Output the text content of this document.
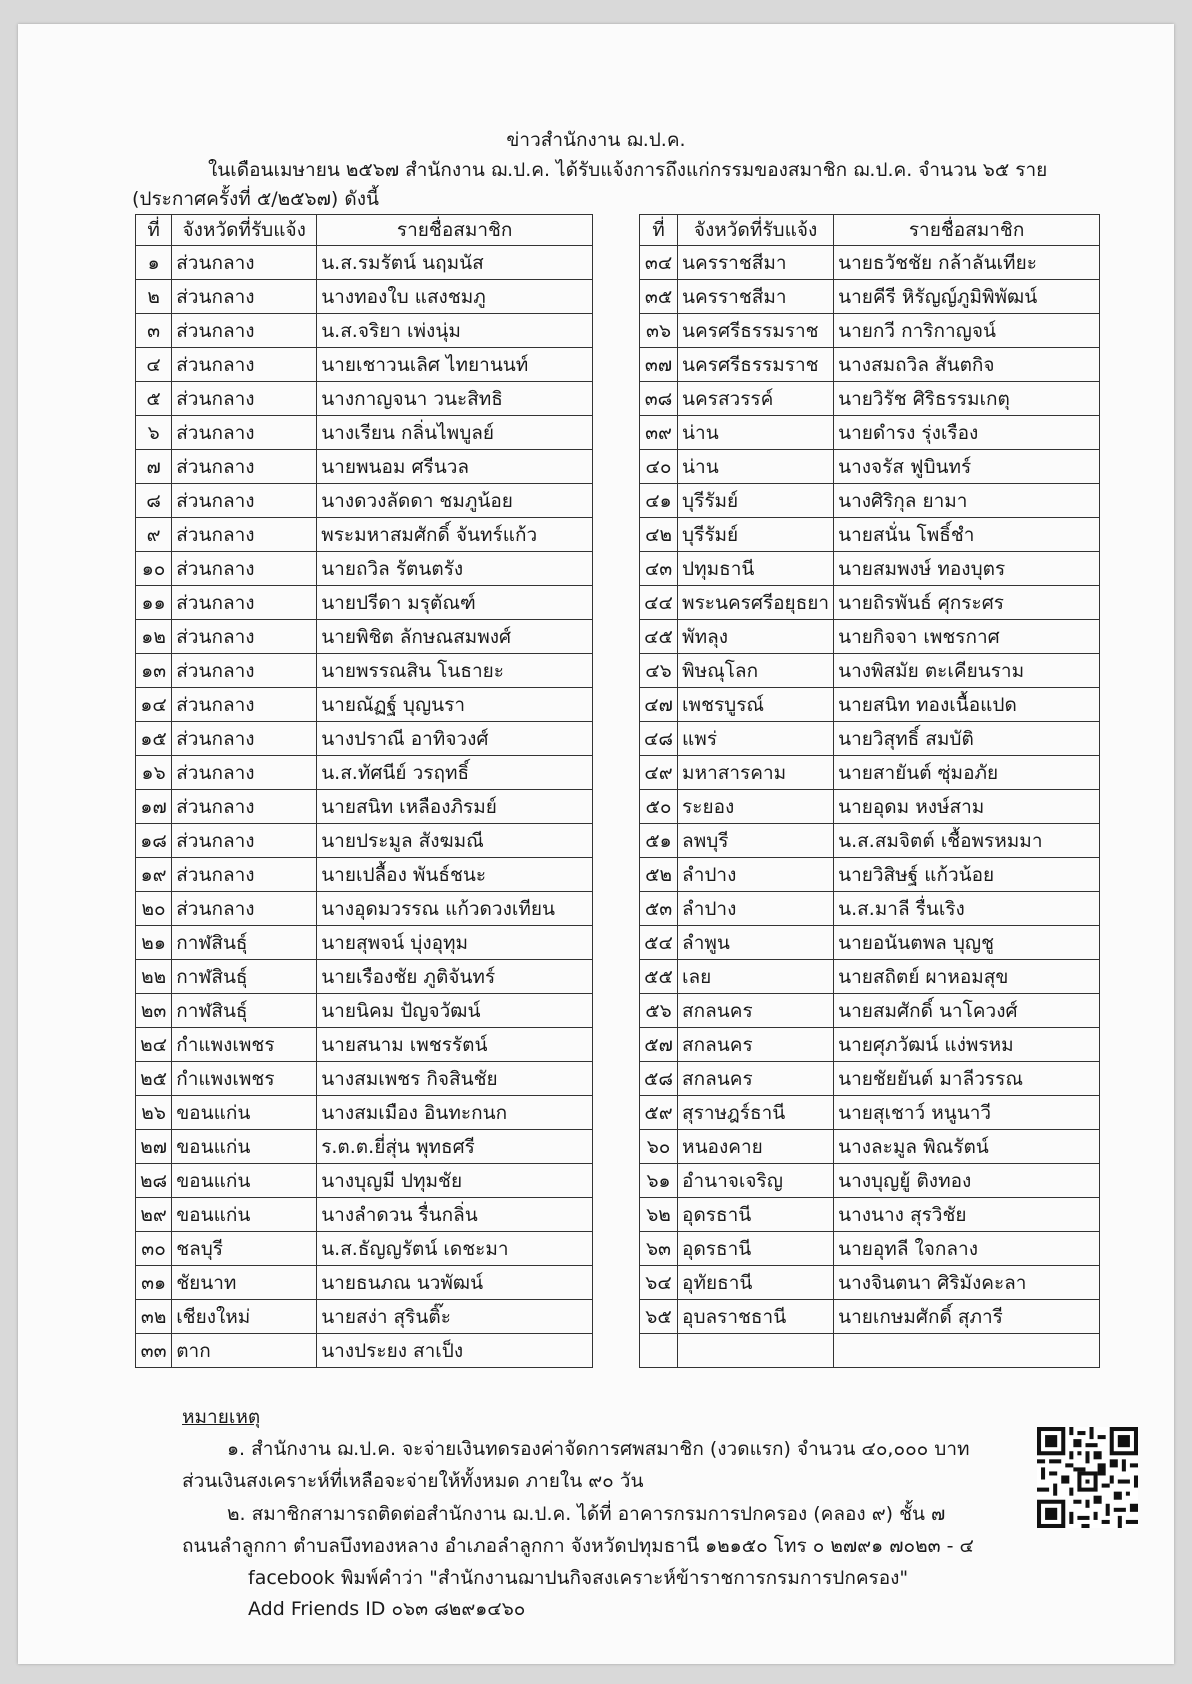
ข่าวสำนักงาน ฌ.ป.ค.
ในเดือนเมษายน ๒๕๖๗ สำนักงาน ฌ.ป.ค. ได้รับแจ้งการถึงแก่กรรมของสมาชิก ฌ.ป.ค. จำนวน ๖๕ ราย
(ประกาศครั้งที่ ๕/๒๕๖๗) ดังนี้
ที่	จังหวัดที่รับแจ้ง	รายชื่อสมาชิก
๑	ส่วนกลาง	น.ส.รมรัตน์ นฤมนัส
๒	ส่วนกลาง	นางทองใบ แสงชมภู
๓	ส่วนกลาง	น.ส.จริยา เพ่งนุ่ม
๔	ส่วนกลาง	นายเชาวนเลิศ ไทยานนท์
๕	ส่วนกลาง	นางกาญจนา วนะสิทธิ
๖	ส่วนกลาง	นางเรียน กลิ่นไพบูลย์
๗	ส่วนกลาง	นายพนอม ศรีนวล
๘	ส่วนกลาง	นางดวงลัดดา ชมภูน้อย
๙	ส่วนกลาง	พระมหาสมศักดิ์ จันทร์แก้ว
๑๐	ส่วนกลาง	นายถวิล รัตนตรัง
๑๑	ส่วนกลาง	นายปรีดา มรุตัณฑ์
๑๒	ส่วนกลาง	นายพิชิต ลักษณสมพงศ์
๑๓	ส่วนกลาง	นายพรรณสิน โนธายะ
๑๔	ส่วนกลาง	นายณัฏฐ์ บุญนรา
๑๕	ส่วนกลาง	นางปราณี อาทิจวงศ์
๑๖	ส่วนกลาง	น.ส.ทัศนีย์ วรฤทธิ์
๑๗	ส่วนกลาง	นายสนิท เหลืองภิรมย์
๑๘	ส่วนกลาง	นายประมูล สังฆมณี
๑๙	ส่วนกลาง	นายเปลื้อง พันธ์ชนะ
๒๐	ส่วนกลาง	นางอุดมวรรณ แก้วดวงเทียน
๒๑	กาฬสินธุ์	นายสุพจน์ บุ่งอุทุม
๒๒	กาฬสินธุ์	นายเรืองชัย ภูติจันทร์
๒๓	กาฬสินธุ์	นายนิคม ปัญจวัฒน์
๒๔	กำแพงเพชร	นายสนาม เพชรรัตน์
๒๕	กำแพงเพชร	นางสมเพชร กิจสินชัย
๒๖	ขอนแก่น	นางสมเมือง อินทะกนก
๒๗	ขอนแก่น	ร.ต.ต.ยี่สุ่น พุทธศรี
๒๘	ขอนแก่น	นางบุญมี ปทุมชัย
๒๙	ขอนแก่น	นางลำดวน รื่นกลิ่น
๓๐	ชลบุรี	น.ส.ธัญญรัตน์ เดชะมา
๓๑	ชัยนาท	นายธนภณ นวพัฒน์
๓๒	เชียงใหม่	นายสง่า สุรินติ๊ะ
๓๓	ตาก	นางประยง สาเป็ง
ที่	จังหวัดที่รับแจ้ง	รายชื่อสมาชิก
๓๔	นครราชสีมา	นายธวัชชัย กล้าลันเทียะ
๓๕	นครราชสีมา	นายคีรี หิรัญญ์ภูมิพิพัฒน์
๓๖	นครศรีธรรมราช	นายกวี การิกาญจน์
๓๗	นครศรีธรรมราช	นางสมถวิล สันตกิจ
๓๘	นครสวรรค์	นายวิรัช ศิริธรรมเกตุ
๓๙	น่าน	นายดำรง รุ่งเรือง
๔๐	น่าน	นางจรัส ฟูบินทร์
๔๑	บุรีรัมย์	นางศิริกุล ยามา
๔๒	บุรีรัมย์	นายสนั่น โพธิ์ชำ
๔๓	ปทุมธานี	นายสมพงษ์ ทองบุตร
๔๔	พระนครศรีอยุธยา	นายถิรพันธ์ ศุกระศร
๔๕	พัทลุง	นายกิจจา เพชรกาศ
๔๖	พิษณุโลก	นางพิสมัย ตะเคียนราม
๔๗	เพชรบูรณ์	นายสนิท ทองเนื้อแปด
๔๘	แพร่	นายวิสุทธิ์ สมบัติ
๔๙	มหาสารคาม	นายสายันต์ ซุ่มอภัย
๕๐	ระยอง	นายอุดม หงษ์สาม
๕๑	ลพบุรี	น.ส.สมจิตต์ เชื้อพรหมมา
๕๒	ลำปาง	นายวิสิษฐ์ แก้วน้อย
๕๓	ลำปาง	น.ส.มาลี รื่นเริง
๕๔	ลำพูน	นายอนันตพล บุญชู
๕๕	เลย	นายสถิตย์ ผาหอมสุข
๕๖	สกลนคร	นายสมศักดิ์ นาโควงศ์
๕๗	สกลนคร	นายศุภวัฒน์ แง่พรหม
๕๘	สกลนคร	นายชัยยันต์ มาลีวรรณ
๕๙	สุราษฎร์ธานี	นายสุเชาว์ หนูนาวี
๖๐	หนองคาย	นางละมูล พิณรัตน์
๖๑	อำนาจเจริญ	นางบุญยู้ ติงทอง
๖๒	อุดรธานี	นางนาง สุรวิชัย
๖๓	อุดรธานี	นายอุทลี ใจกลาง
๖๔	อุทัยธานี	นางจินตนา ศิริมังคะลา
๖๕	อุบลราชธานี	นายเกษมศักดิ์ สุภารี

หมายเหตุ
๑. สำนักงาน ฌ.ป.ค. จะจ่ายเงินทดรองค่าจัดการศพสมาชิก (งวดแรก) จำนวน ๔๐,๐๐๐ บาท
ส่วนเงินสงเคราะห์ที่เหลือจะจ่ายให้ทั้งหมด ภายใน ๙๐ วัน
๒. สมาชิกสามารถติดต่อสำนักงาน ฌ.ป.ค. ได้ที่ อาคารกรมการปกครอง (คลอง ๙) ชั้น ๗
ถนนลำลูกกา ตำบลบึงทองหลาง อำเภอลำลูกกา จังหวัดปทุมธานี ๑๒๑๕๐ โทร ๐ ๒๗๙๑ ๗๐๒๓ - ๔
facebook พิมพ์คำว่า "สำนักงานฌาปนกิจสงเคราะห์ข้าราชการกรมการปกครอง"
Add Friends ID ๐๖๓ ๘๒๙๑๔๖๐
